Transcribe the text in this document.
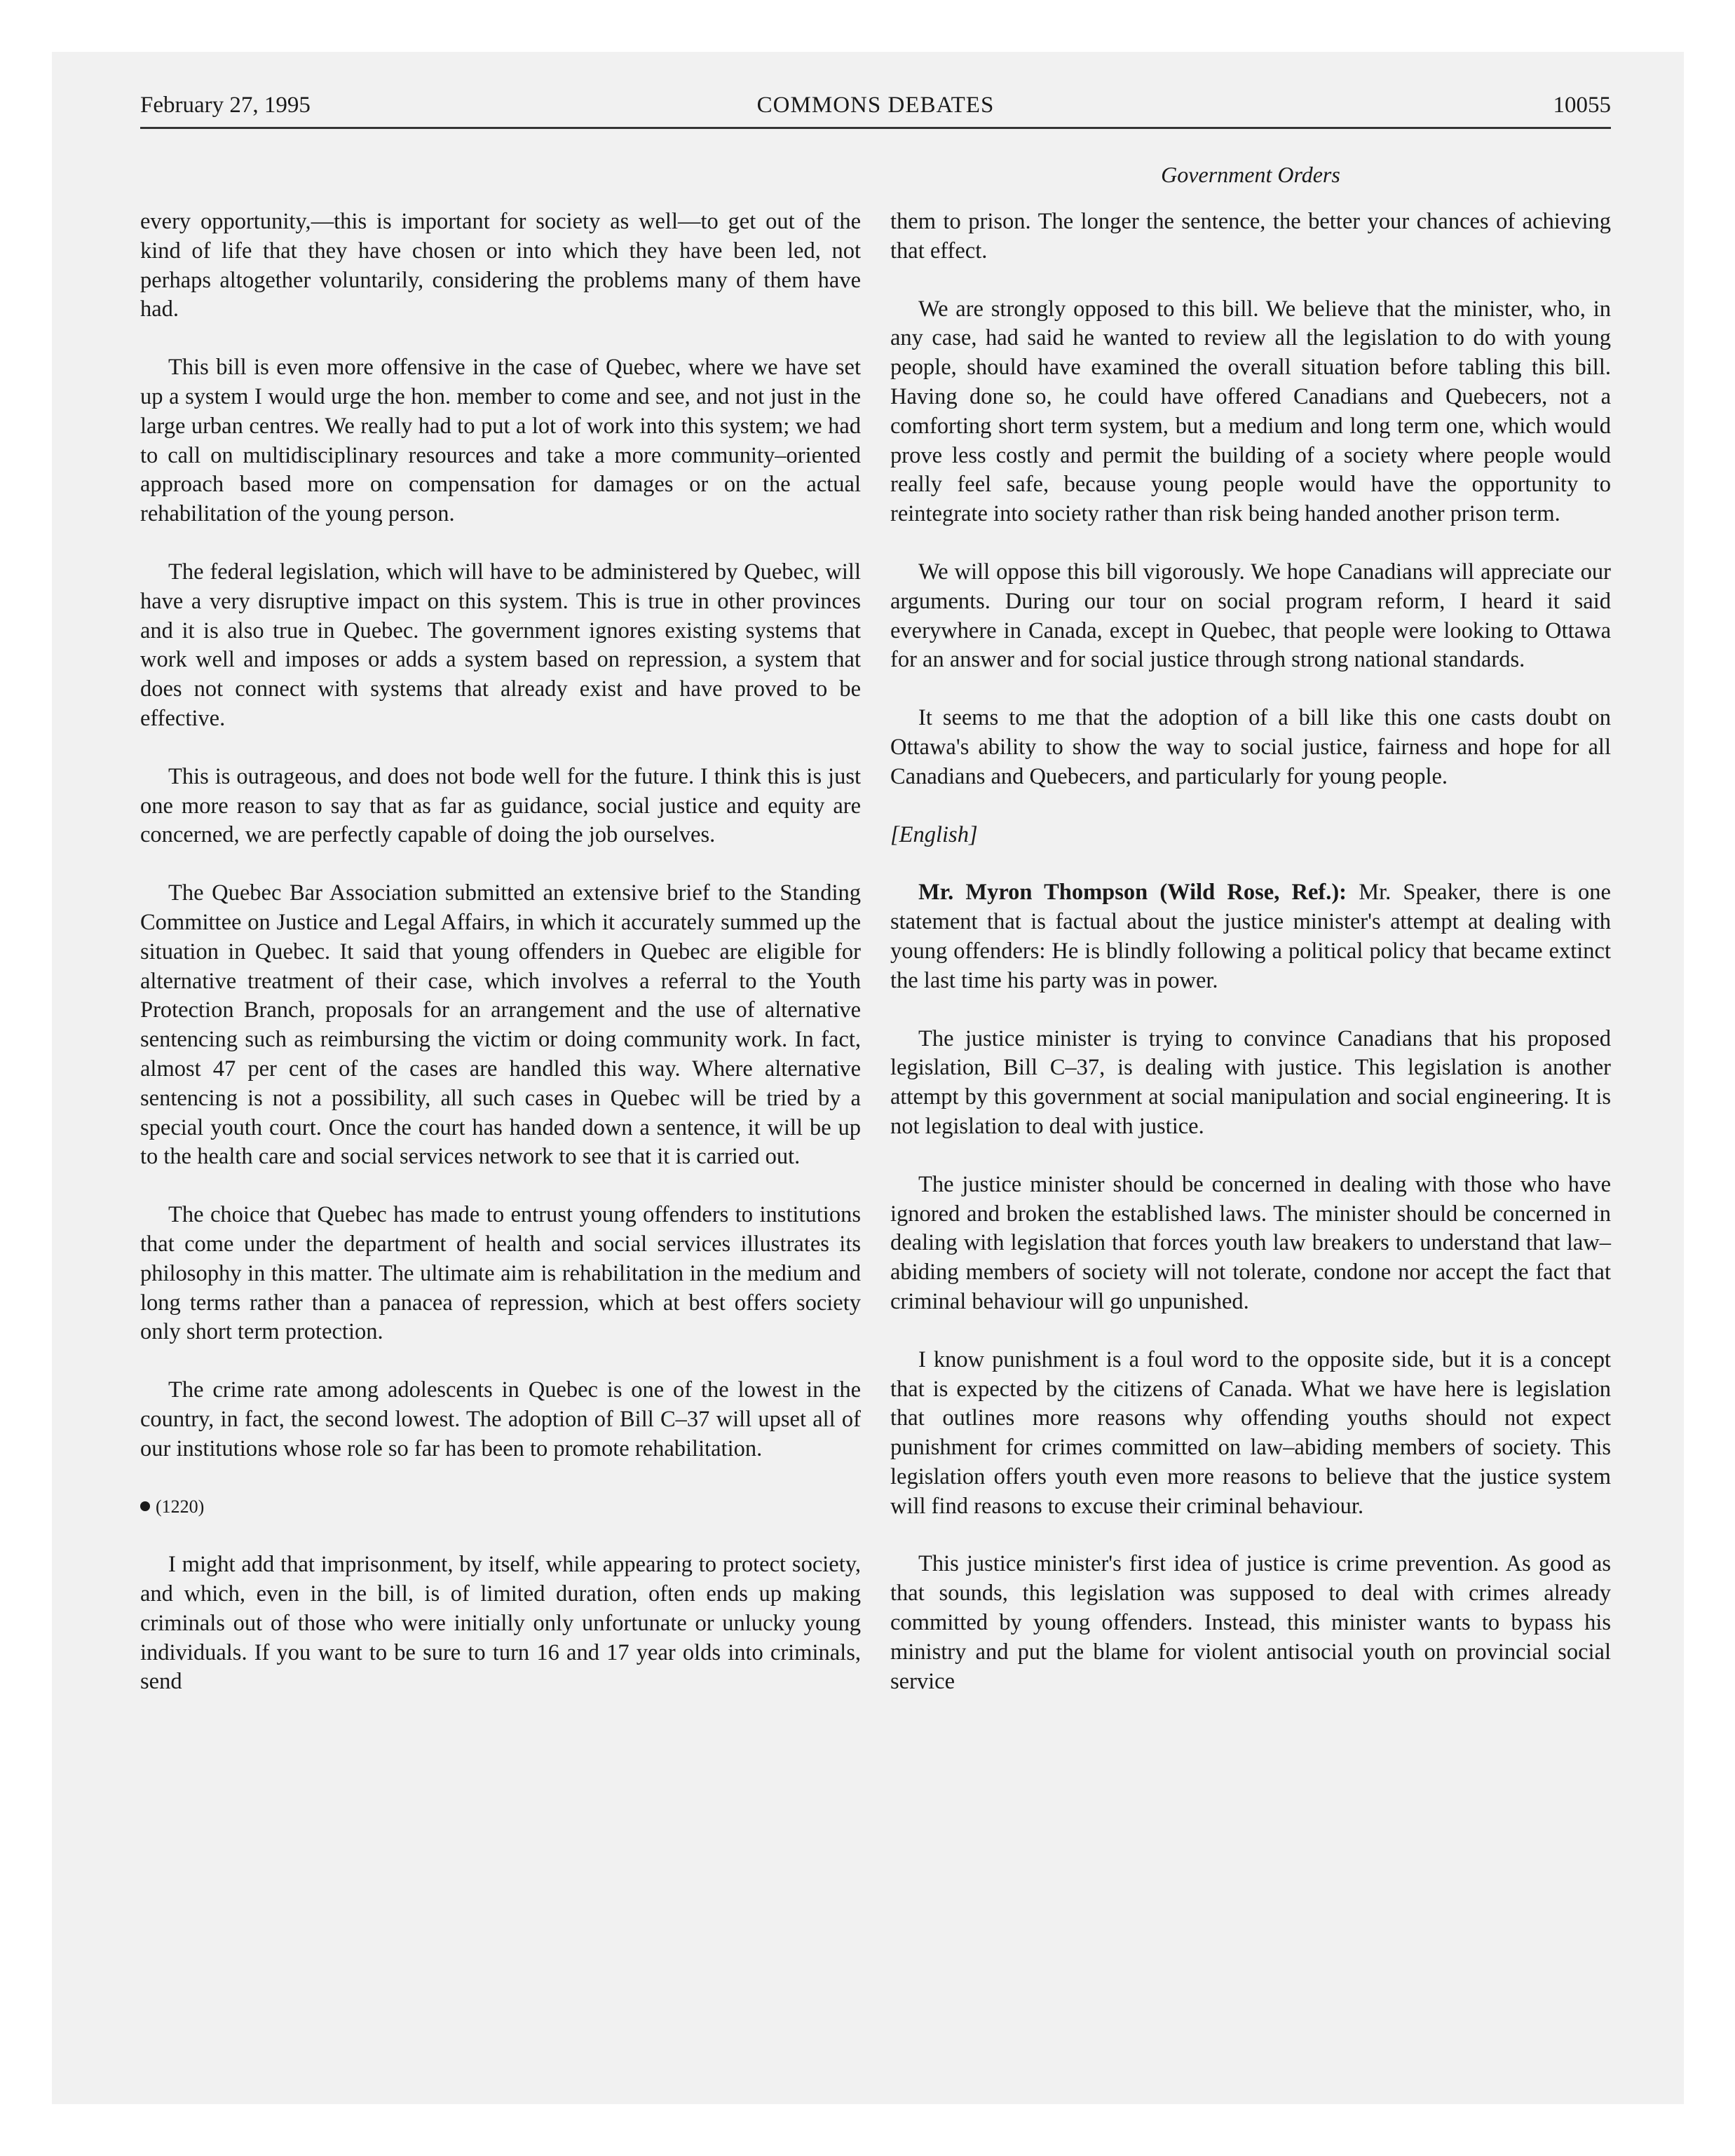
February 27, 1995	COMMONS DEBATES	10055
Government Orders

every opportunity,—this is important for society as well—to get out of the kind of life that they have chosen or into which they have been led, not perhaps altogether voluntarily, considering the problems many of them have had.

This bill is even more offensive in the case of Quebec, where we have set up a system I would urge the hon. member to come and see, and not just in the large urban centres. We really had to put a lot of work into this system; we had to call on multidisciplinary resources and take a more community–oriented approach based more on compensation for damages or on the actual rehabilitation of the young person.

The federal legislation, which will have to be administered by Quebec, will have a very disruptive impact on this system. This is true in other provinces and it is also true in Quebec. The government ignores existing systems that work well and imposes or adds a system based on repression, a system that does not connect with systems that already exist and have proved to be effective.

This is outrageous, and does not bode well for the future. I think this is just one more reason to say that as far as guidance, social justice and equity are concerned, we are perfectly capable of doing the job ourselves.

The Quebec Bar Association submitted an extensive brief to the Standing Committee on Justice and Legal Affairs, in which it accurately summed up the situation in Quebec. It said that young offenders in Quebec are eligible for alternative treatment of their case, which involves a referral to the Youth Protection Branch, proposals for an arrangement and the use of alternative sentencing such as reimbursing the victim or doing community work. In fact, almost 47 per cent of the cases are handled this way. Where alternative sentencing is not a possibility, all such cases in Quebec will be tried by a special youth court. Once the court has handed down a sentence, it will be up to the health care and social services network to see that it is carried out.

The choice that Quebec has made to entrust young offenders to institutions that come under the department of health and social services illustrates its philosophy in this matter. The ultimate aim is rehabilitation in the medium and long terms rather than a panacea of repression, which at best offers society only short term protection.

The crime rate among adolescents in Quebec is one of the lowest in the country, in fact, the second lowest. The adoption of Bill C–37 will upset all of our institutions whose role so far has been to promote rehabilitation.

(1220)

I might add that imprisonment, by itself, while appearing to protect society, and which, even in the bill, is of limited duration, often ends up making criminals out of those who were initially only unfortunate or unlucky young individuals. If you want to be sure to turn 16 and 17 year olds into criminals, send

them to prison. The longer the sentence, the better your chances of achieving that effect.

We are strongly opposed to this bill. We believe that the minister, who, in any case, had said he wanted to review all the legislation to do with young people, should have examined the overall situation before tabling this bill. Having done so, he could have offered Canadians and Quebecers, not a comforting short term system, but a medium and long term one, which would prove less costly and permit the building of a society where people would really feel safe, because young people would have the opportunity to reintegrate into society rather than risk being handed another prison term.

We will oppose this bill vigorously. We hope Canadians will appreciate our arguments. During our tour on social program reform, I heard it said everywhere in Canada, except in Quebec, that people were looking to Ottawa for an answer and for social justice through strong national standards.

It seems to me that the adoption of a bill like this one casts doubt on Ottawa's ability to show the way to social justice, fairness and hope for all Canadians and Quebecers, and particularly for young people.

[English]

Mr. Myron Thompson (Wild Rose, Ref.): Mr. Speaker, there is one statement that is factual about the justice minister's attempt at dealing with young offenders: He is blindly following a political policy that became extinct the last time his party was in power.

The justice minister is trying to convince Canadians that his proposed legislation, Bill C–37, is dealing with justice. This legislation is another attempt by this government at social manipulation and social engineering. It is not legislation to deal with justice.

The justice minister should be concerned in dealing with those who have ignored and broken the established laws. The minister should be concerned in dealing with legislation that forces youth law breakers to understand that law–abiding members of society will not tolerate, condone nor accept the fact that criminal behaviour will go unpunished.

I know punishment is a foul word to the opposite side, but it is a concept that is expected by the citizens of Canada. What we have here is legislation that outlines more reasons why offending youths should not expect punishment for crimes committed on law–abiding members of society. This legislation offers youth even more reasons to believe that the justice system will find reasons to excuse their criminal behaviour.

This justice minister's first idea of justice is crime prevention. As good as that sounds, this legislation was supposed to deal with crimes already committed by young offenders. Instead, this minister wants to bypass his ministry and put the blame for violent antisocial youth on provincial social service
